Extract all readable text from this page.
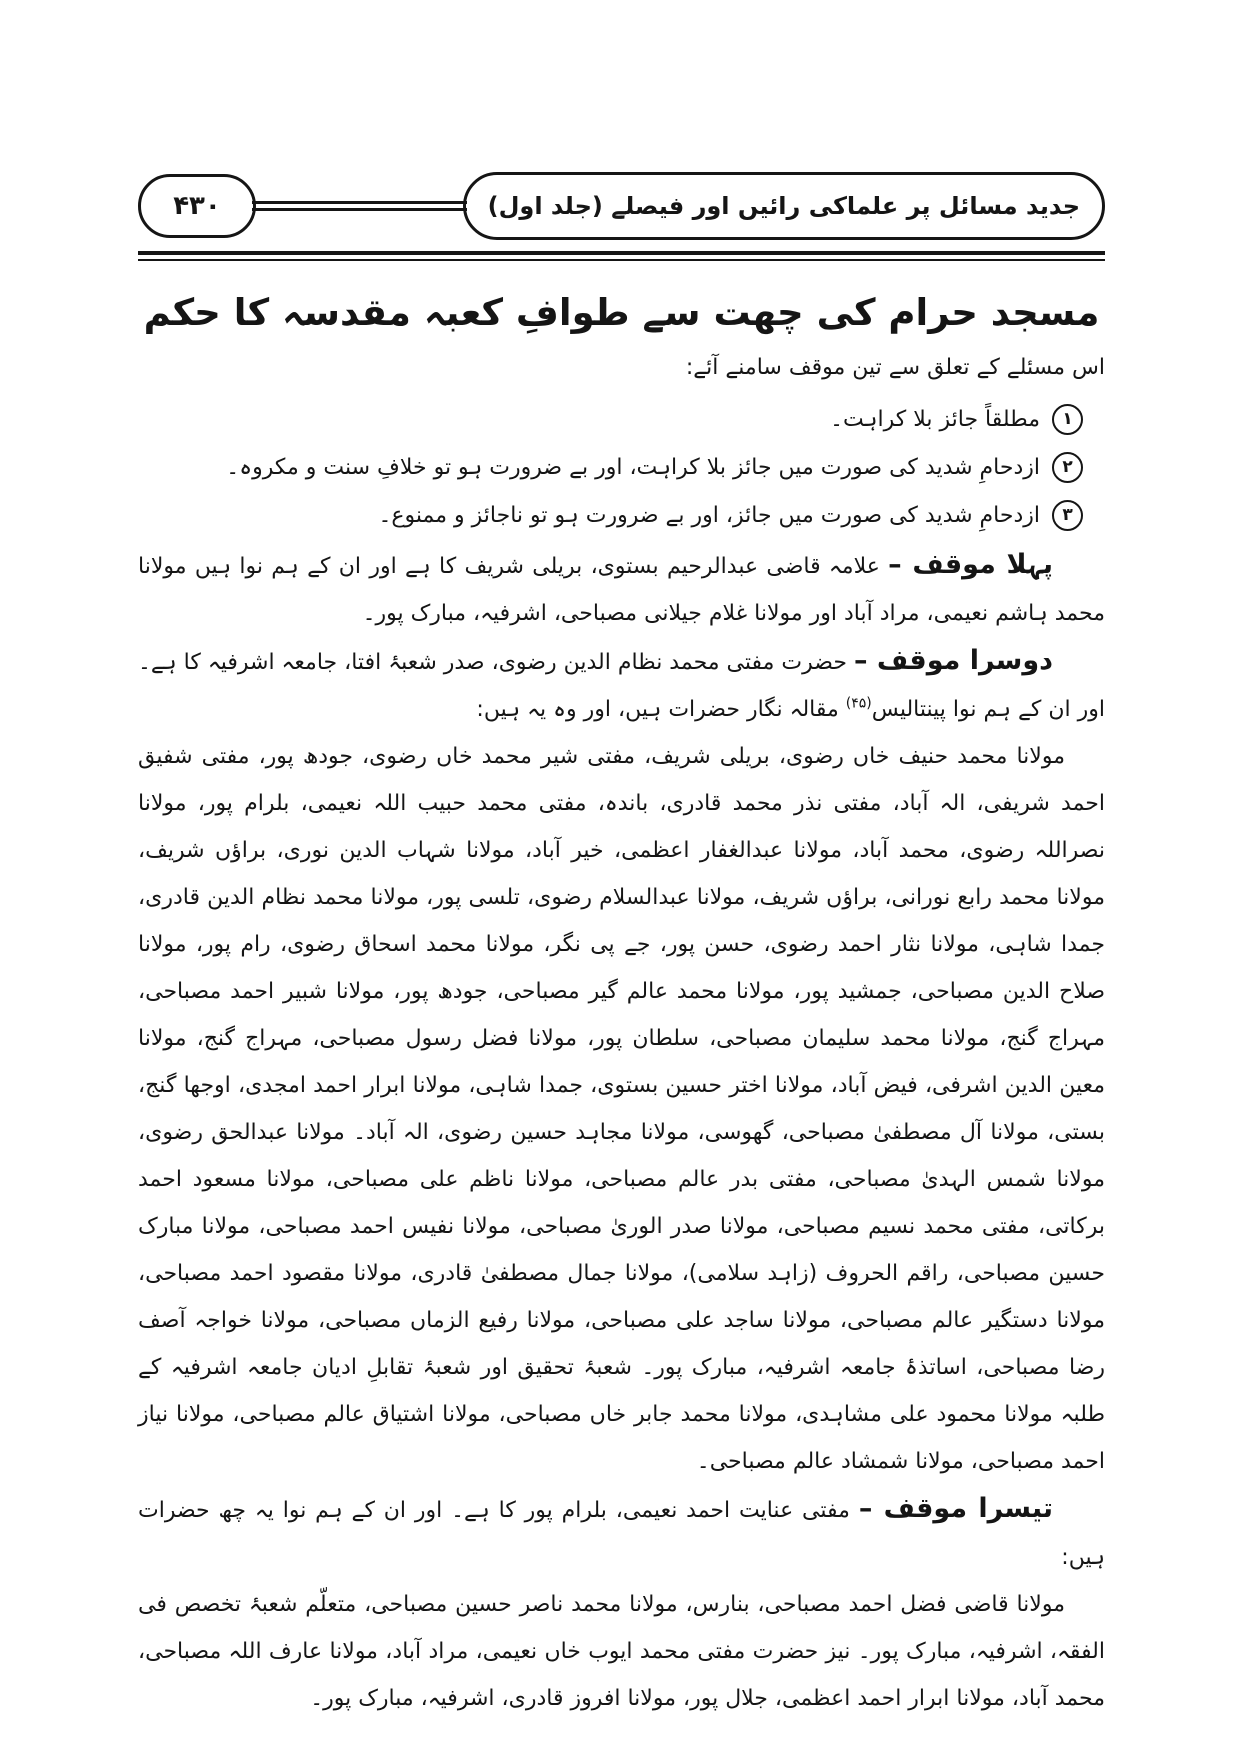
۴۳۰	جدید مسائل پر علماکی رائیں اور فیصلے (جلد اول)
مسجد حرام کی چھت سے طوافِ کعبہ مقدسہ کا حکم
اس مسئلے کے تعلق سے تین موقف سامنے آئے:
۱
مطلقاً جائز بلا کراہت۔
۲
ازدحامِ شدید کی صورت میں جائز بلا کراہت، اور بے ضرورت ہو تو خلافِ سنت و مکروہ۔
۳
ازدحامِ شدید کی صورت میں جائز، اور بے ضرورت ہو تو ناجائز و ممنوع۔

پہلا موقف – علامہ قاضی عبدالرحیم بستوی، بریلی شریف کا ہے اور ان کے ہم نوا ہیں مولانا محمد ہاشم نعیمی، مراد آباد اور مولانا غلام جیلانی مصباحی، اشرفیہ، مبارک پور۔

دوسرا موقف – حضرت مفتی محمد نظام الدین رضوی، صدر شعبۂ افتا، جامعہ اشرفیہ کا ہے۔ اور ان کے ہم نوا پینتالیس$^{(۴۵)}$ مقالہ نگار حضرات ہیں، اور وہ یہ ہیں:

مولانا محمد حنیف خاں رضوی، بریلی شریف، مفتی شیر محمد خاں رضوی، جودھ پور، مفتی شفیق احمد شریفی، الہ آباد، مفتی نذر محمد قادری، باندہ، مفتی محمد حبیب اللہ نعیمی، بلرام پور، مولانا نصراللہ رضوی، محمد آباد، مولانا عبدالغفار اعظمی، خیر آباد، مولانا شہاب الدین نوری، براؤں شریف، مولانا محمد رابع نورانی، براؤں شریف، مولانا عبدالسلام رضوی، تلسی پور، مولانا محمد نظام الدین قادری، جمدا شاہی، مولانا نثار احمد رضوی، حسن پور، جے پی نگر، مولانا محمد اسحاق رضوی، رام پور، مولانا صلاح الدین مصباحی، جمشید پور، مولانا محمد عالم گیر مصباحی، جودھ پور، مولانا شبیر احمد مصباحی، مہراج گنج، مولانا محمد سلیمان مصباحی، سلطان پور، مولانا فضل رسول مصباحی، مہراج گنج، مولانا معین الدین اشرفی، فیض آباد، مولانا اختر حسین بستوی، جمدا شاہی، مولانا ابرار احمد امجدی، اوجھا گنج، بستی، مولانا آل مصطفیٰ مصباحی، گھوسی، مولانا مجاہد حسین رضوی، الہ آباد۔ مولانا عبدالحق رضوی، مولانا شمس الہدیٰ مصباحی، مفتی بدر عالم مصباحی، مولانا ناظم علی مصباحی، مولانا مسعود احمد برکاتی، مفتی محمد نسیم مصباحی، مولانا صدر الوریٰ مصباحی، مولانا نفیس احمد مصباحی، مولانا مبارک حسین مصباحی، راقم الحروف (زاہد سلامی)، مولانا جمال مصطفیٰ قادری، مولانا مقصود احمد مصباحی، مولانا دستگیر عالم مصباحی، مولانا ساجد علی مصباحی، مولانا رفیع الزماں مصباحی، مولانا خواجہ آصف رضا مصباحی، اساتذۂ جامعہ اشرفیہ، مبارک پور۔ شعبۂ تحقیق اور شعبۂ تقابلِ ادیان جامعہ اشرفیہ کے طلبہ مولانا محمود علی مشاہدی، مولانا محمد جابر خاں مصباحی، مولانا اشتیاق عالم مصباحی، مولانا نیاز احمد مصباحی، مولانا شمشاد عالم مصباحی۔

تیسرا موقف – مفتی عنایت احمد نعیمی، بلرام پور کا ہے۔ اور ان کے ہم نوا یہ چھ حضرات ہیں:

مولانا قاضی فضل احمد مصباحی، بنارس، مولانا محمد ناصر حسین مصباحی، متعلّم شعبۂ تخصص فی الفقہ، اشرفیہ، مبارک پور۔ نیز حضرت مفتی محمد ایوب خاں نعیمی، مراد آباد، مولانا عارف اللہ مصباحی، محمد آباد، مولانا ابرار احمد اعظمی، جلال پور، مولانا افروز قادری، اشرفیہ، مبارک پور۔
